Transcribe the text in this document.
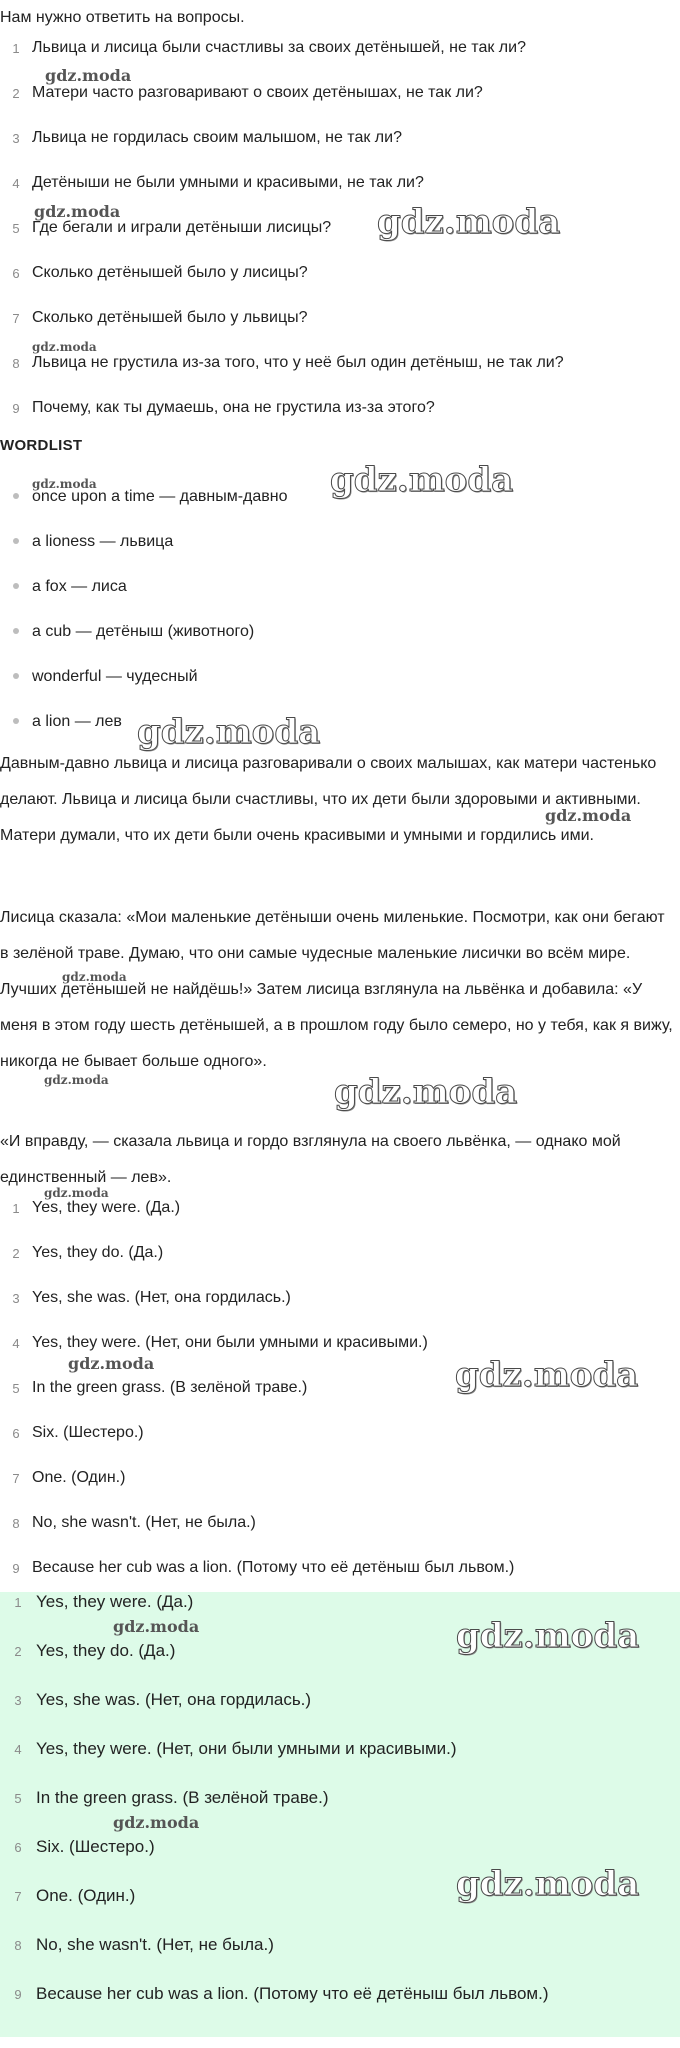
Нам нужно ответить на вопросы.

1 Львица и лисица были счастливы за своих детёнышей, не так ли?
2 Матери часто разговаривают о своих детёнышах, не так ли?
3 Львица не гордилась своим малышом, не так ли?
4 Детёныши не были умными и красивыми, не так ли?
5 Где бегали и играли детёныши лисицы?
6 Сколько детёнышей было у лисицы?
7 Сколько детёнышей было у львицы?
8 Львица не грустила из-за того, что у неё был один детёныш, не так ли?
9 Почему, как ты думаешь, она не грустила из-за этого?
WORDLIST
once upon a time — давным-давно
a lioness — львица
a fox — лиса
a cub — детёныш (животного)
wonderful — чудесный
a lion — лев

Давным-давно львица и лисица разговаривали о своих малышах, как матери частенько делают. Львица и лисица были счастливы, что их дети были здоровыми и активными. Матери думали, что их дети были очень красивыми и умными и гордились ими.

Лисица сказала: «Мои маленькие детёныши очень миленькие. Посмотри, как они бегают в зелёной траве. Думаю, что они самые чудесные маленькие лисички во всём мире. Лучших детёнышей не найдёшь!» Затем лисица взглянула на львёнка и добавила: «У меня в этом году шесть детёнышей, а в прошлом году было семеро, но у тебя, как я вижу, никогда не бывает больше одного».

«И вправду, — сказала львица и гордо взглянула на своего львёнка, — однако мой единственный — лев».

1 Yes, they were. (Да.)
2 Yes, they do. (Да.)
3 Yes, she was. (Нет, она гордилась.)
4 Yes, they were. (Нет, они были умными и красивыми.)
5 In the green grass. (В зелёной траве.)
6 Six. (Шестеро.)
7 One. (Один.)
8 No, she wasn't. (Нет, не была.)
9 Because her cub was a lion. (Потому что её детёныш был львом.)
1 Yes, they were. (Да.)
2 Yes, they do. (Да.)
3 Yes, she was. (Нет, она гордилась.)
4 Yes, they were. (Нет, они были умными и красивыми.)
5 In the green grass. (В зелёной траве.)
6 Six. (Шестеро.)
7 One. (Один.)
8 No, she wasn't. (Нет, не была.)
9 Because her cub was a lion. (Потому что её детёныш был львом.)
gdz.moda
gdz.moda	gdz.moda
gdz.moda
gdz.moda	gdz.moda
gdz.moda
gdz.moda
gdz.moda
gdz.moda	gdz.moda
gdz.moda
gdz.moda	gdz.moda
gdz.moda	gdz.moda
gdz.moda
gdz.moda
